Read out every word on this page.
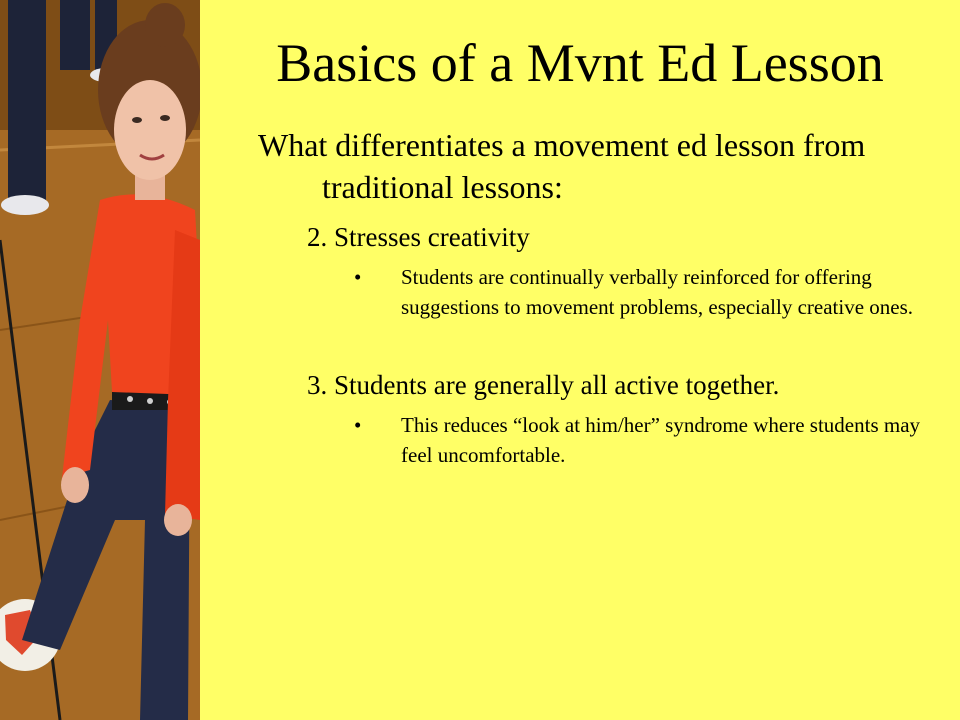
Basics of a Mvnt Ed Lesson
What differentiates a movement ed lesson from traditional lessons:
2. Stresses creativity
• Students are continually verbally reinforced for offering suggestions to movement problems, especially creative ones.
3. Students are generally all active together.
• This reduces “look at him/her” syndrome where students may feel uncomfortable.
